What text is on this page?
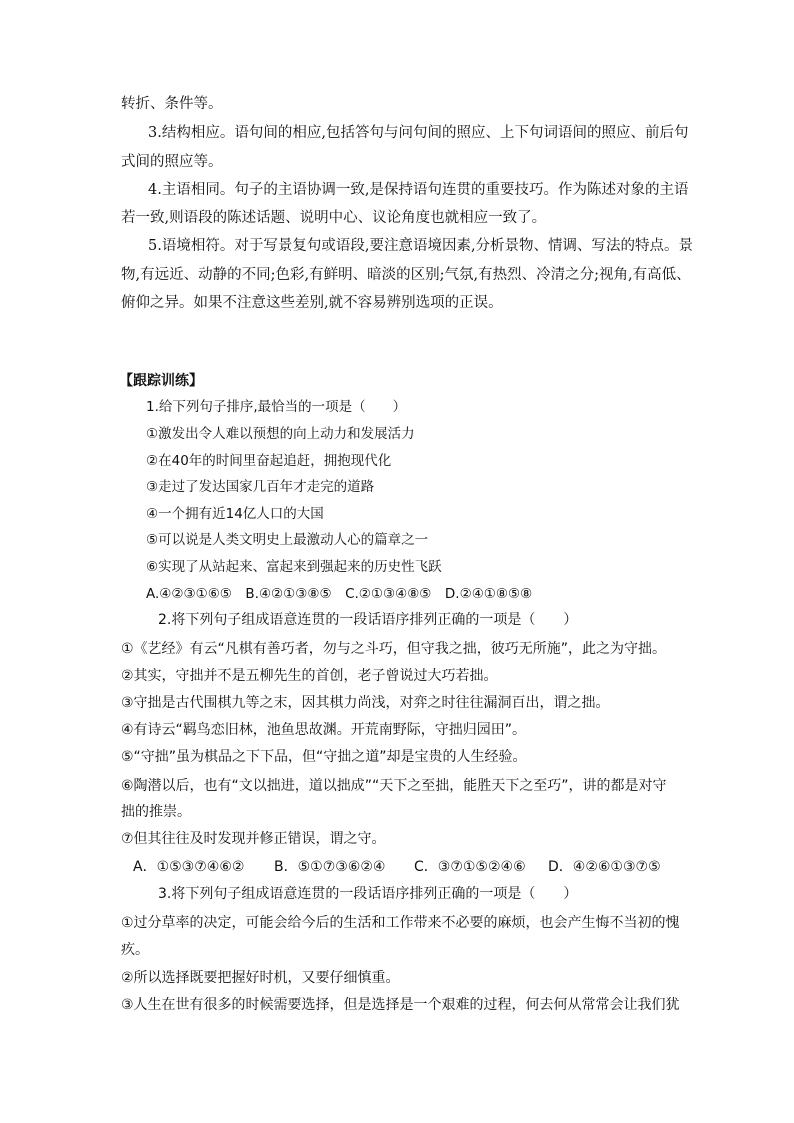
转折、条件等。
3.结构相应。语句间的相应,包括答句与问句间的照应、上下句词语间的照应、前后句
式间的照应等。
4.主语相同。句子的主语协调一致,是保持语句连贯的重要技巧。作为陈述对象的主语
若一致,则语段的陈述话题、说明中心、议论角度也就相应一致了。
5.语境相符。对于写景复句或语段,要注意语境因素,分析景物、情调、写法的特点。景
物,有远近、动静的不同;色彩,有鲜明、暗淡的区别;气氛,有热烈、冷清之分;视角,有高低、
俯仰之异。如果不注意这些差别,就不容易辨别选项的正误。
【跟踪训练】
1.给下列句子排序,最恰当的一项是（　　）
①激发出令人难以预想的向上动力和发展活力
②在40年的时间里奋起追赶，拥抱现代化
③走过了发达国家几百年才走完的道路
④一个拥有近14亿人口的大国
⑤可以说是人类文明史上最激动人心的篇章之一
⑥实现了从站起来、富起来到强起来的历史性飞跃
A.④②③①⑥⑤　B.④②①③⑧⑤　C.②①③④⑧⑤　D.②④①⑧⑤⑧
2.将下列句子组成语意连贯的一段话语序排列正确的一项是（　　）
①《艺经》有云“凡棋有善巧者，勿与之斗巧，但守我之拙，彼巧无所施”，此之为守拙。
②其实，守拙并不是五柳先生的首创，老子曾说过大巧若拙。
③守拙是古代围棋九等之末，因其棋力尚浅，对弈之时往往漏洞百出，谓之拙。
④有诗云“羁鸟恋旧林，池鱼思故渊。开荒南野际，守拙归园田”。
⑤“守拙”虽为棋品之下下品，但“守拙之道”却是宝贵的人生经验。
⑥陶潜以后，也有“文以拙进，道以拙成”“天下之至拙，能胜天下之至巧”，讲的都是对守
拙的推崇。
⑦但其往往及时发现并修正错误，谓之守。
A．①⑤③⑦④⑥② B．⑤①⑦③⑥②④ C．③⑦①⑤②④⑥ D．④②⑥①③⑦⑤
3.将下列句子组成语意连贯的一段话语序排列正确的一项是（　　）
①过分草率的决定，可能会给今后的生活和工作带来不必要的麻烦，也会产生悔不当初的愧
疚。
②所以选择既要把握好时机，又要仔细慎重。
③人生在世有很多的时候需要选择，但是选择是一个艰难的过程，何去何从常常会让我们犹
